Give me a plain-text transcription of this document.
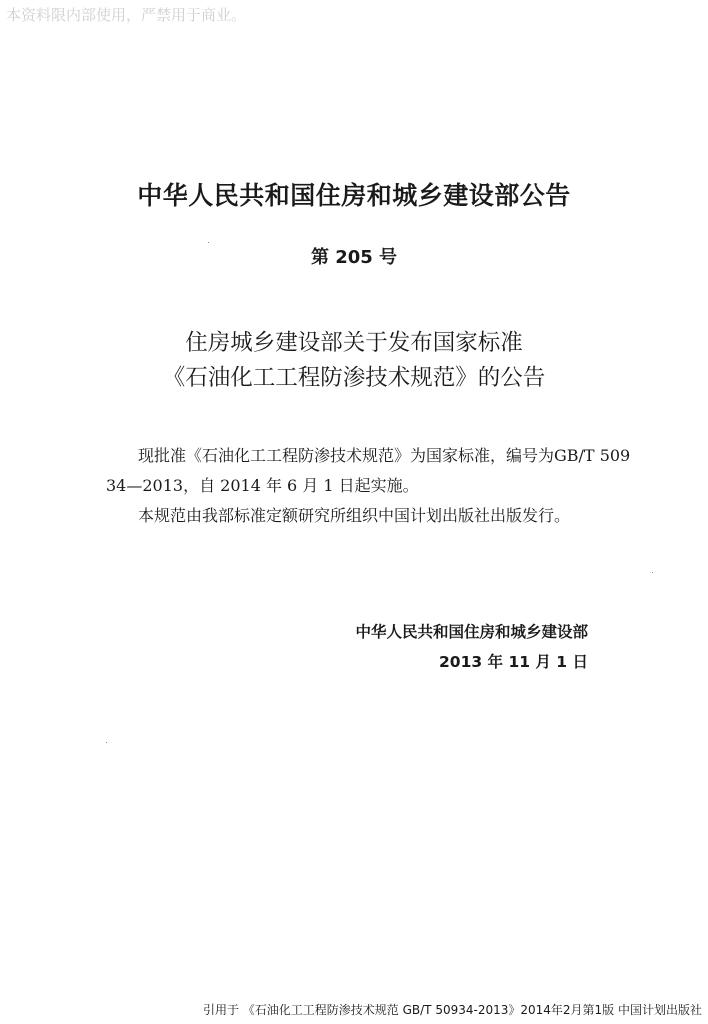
本资料限内部使用，严禁用于商业。
中华人民共和国住房和城乡建设部公告
第 205 号
住房城乡建设部关于发布国家标准
《石油化工工程防渗技术规范》的公告

现批准《石油化工工程防渗技术规范》为国家标准，编号为GB/T 50934—2013，自 2014 年 6 月 1 日起实施。

本规范由我部标准定额研究所组织中国计划出版社出版发行。

中华人民共和国住房和城乡建设部
2013 年 11 月 1 日
引用于 《石油化工工程防渗技术规范 GB/T 50934-2013》2014年2月第1版 中国计划出版社
